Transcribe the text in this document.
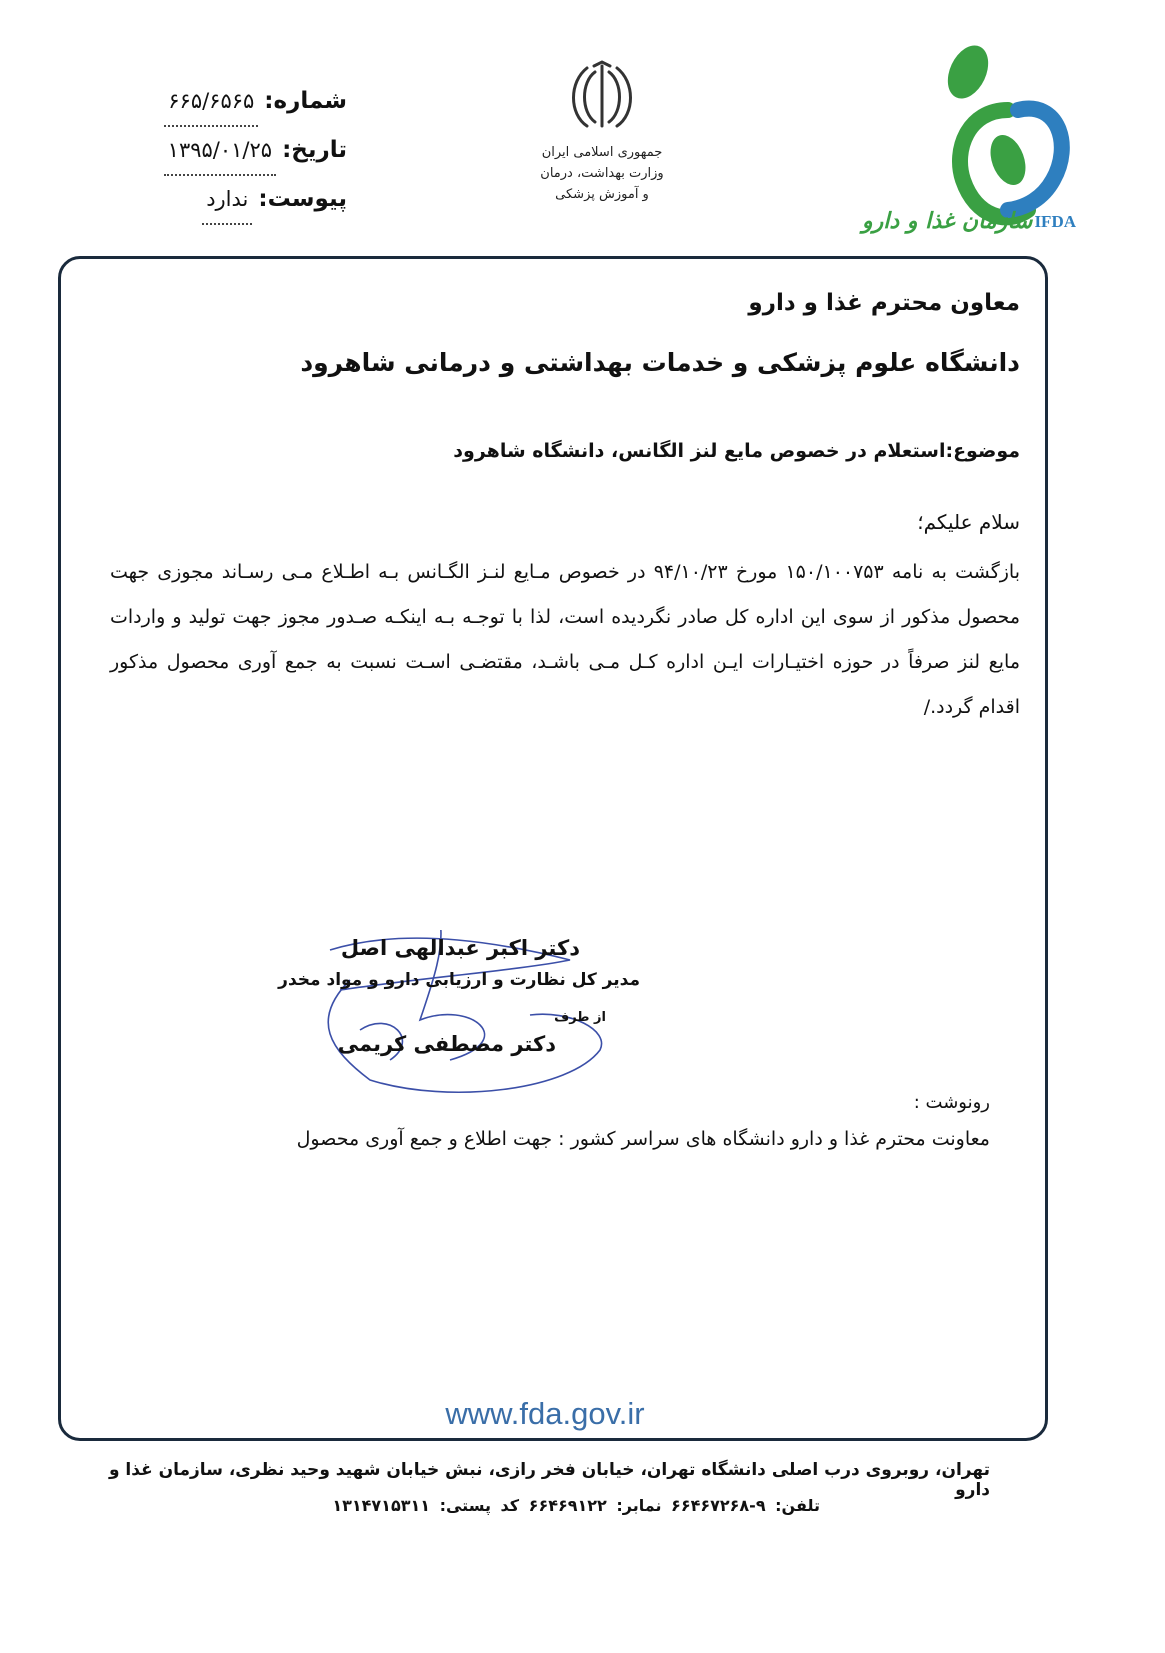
شماره:
۶۶۵/۶۵۶۵
تاریخ:
۱۳۹۵/۰۱/۲۵
پیوست:
ندارد
جمهوری اسلامی ایران
وزارت بهداشت، درمان
و آموزش پزشکی
IFDA
سازمان غذا و دارو
معاون محترم غذا و دارو
دانشگاه علوم پزشکی و خدمات بهداشتی و درمانی شاهرود
موضوع:استعلام در خصوص مایع لنز الگانس، دانشگاه شاهرود
سلام علیکم؛
بازگشت به نامه ۱۵۰/۱۰۰۷۵۳ مورخ ۹۴/۱۰/۲۳ در خصوص مـایع لنـز الگـانس بـه اطـلاع مـی رسـاند مجوزی جهت محصول مذکور از سوی این اداره کل صادر نگردیده است، لذا با توجـه بـه اینکـه صـدور مجوز جهت تولید و واردات مایع لنز صرفاً در حوزه اختیـارات ایـن اداره کـل مـی باشـد، مقتضـی اسـت نسبت به جمع آوری محصول مذکور اقدام گردد./
دکتر اکبر عبدالهی اصل
مدیر کل نظارت و ارزیابی دارو و مواد مخدر
از طرف
دکتر مصطفی کریمی
رونوشت :
معاونت محترم غذا و دارو دانشگاه های سراسر کشور : جهت اطلاع و جمع آوری محصول
www.fda.gov.ir
تهران، روبروی درب اصلی دانشگاه تهران، خیابان فخر رازی، نبش خیابان شهید وحید نظری، سازمان غذا و دارو
تلفن: ۹-۶۶۴۶۷۲۶۸ نمابر: ۶۶۴۶۹۱۲۲ کد پستی: ۱۳۱۴۷۱۵۳۱۱
